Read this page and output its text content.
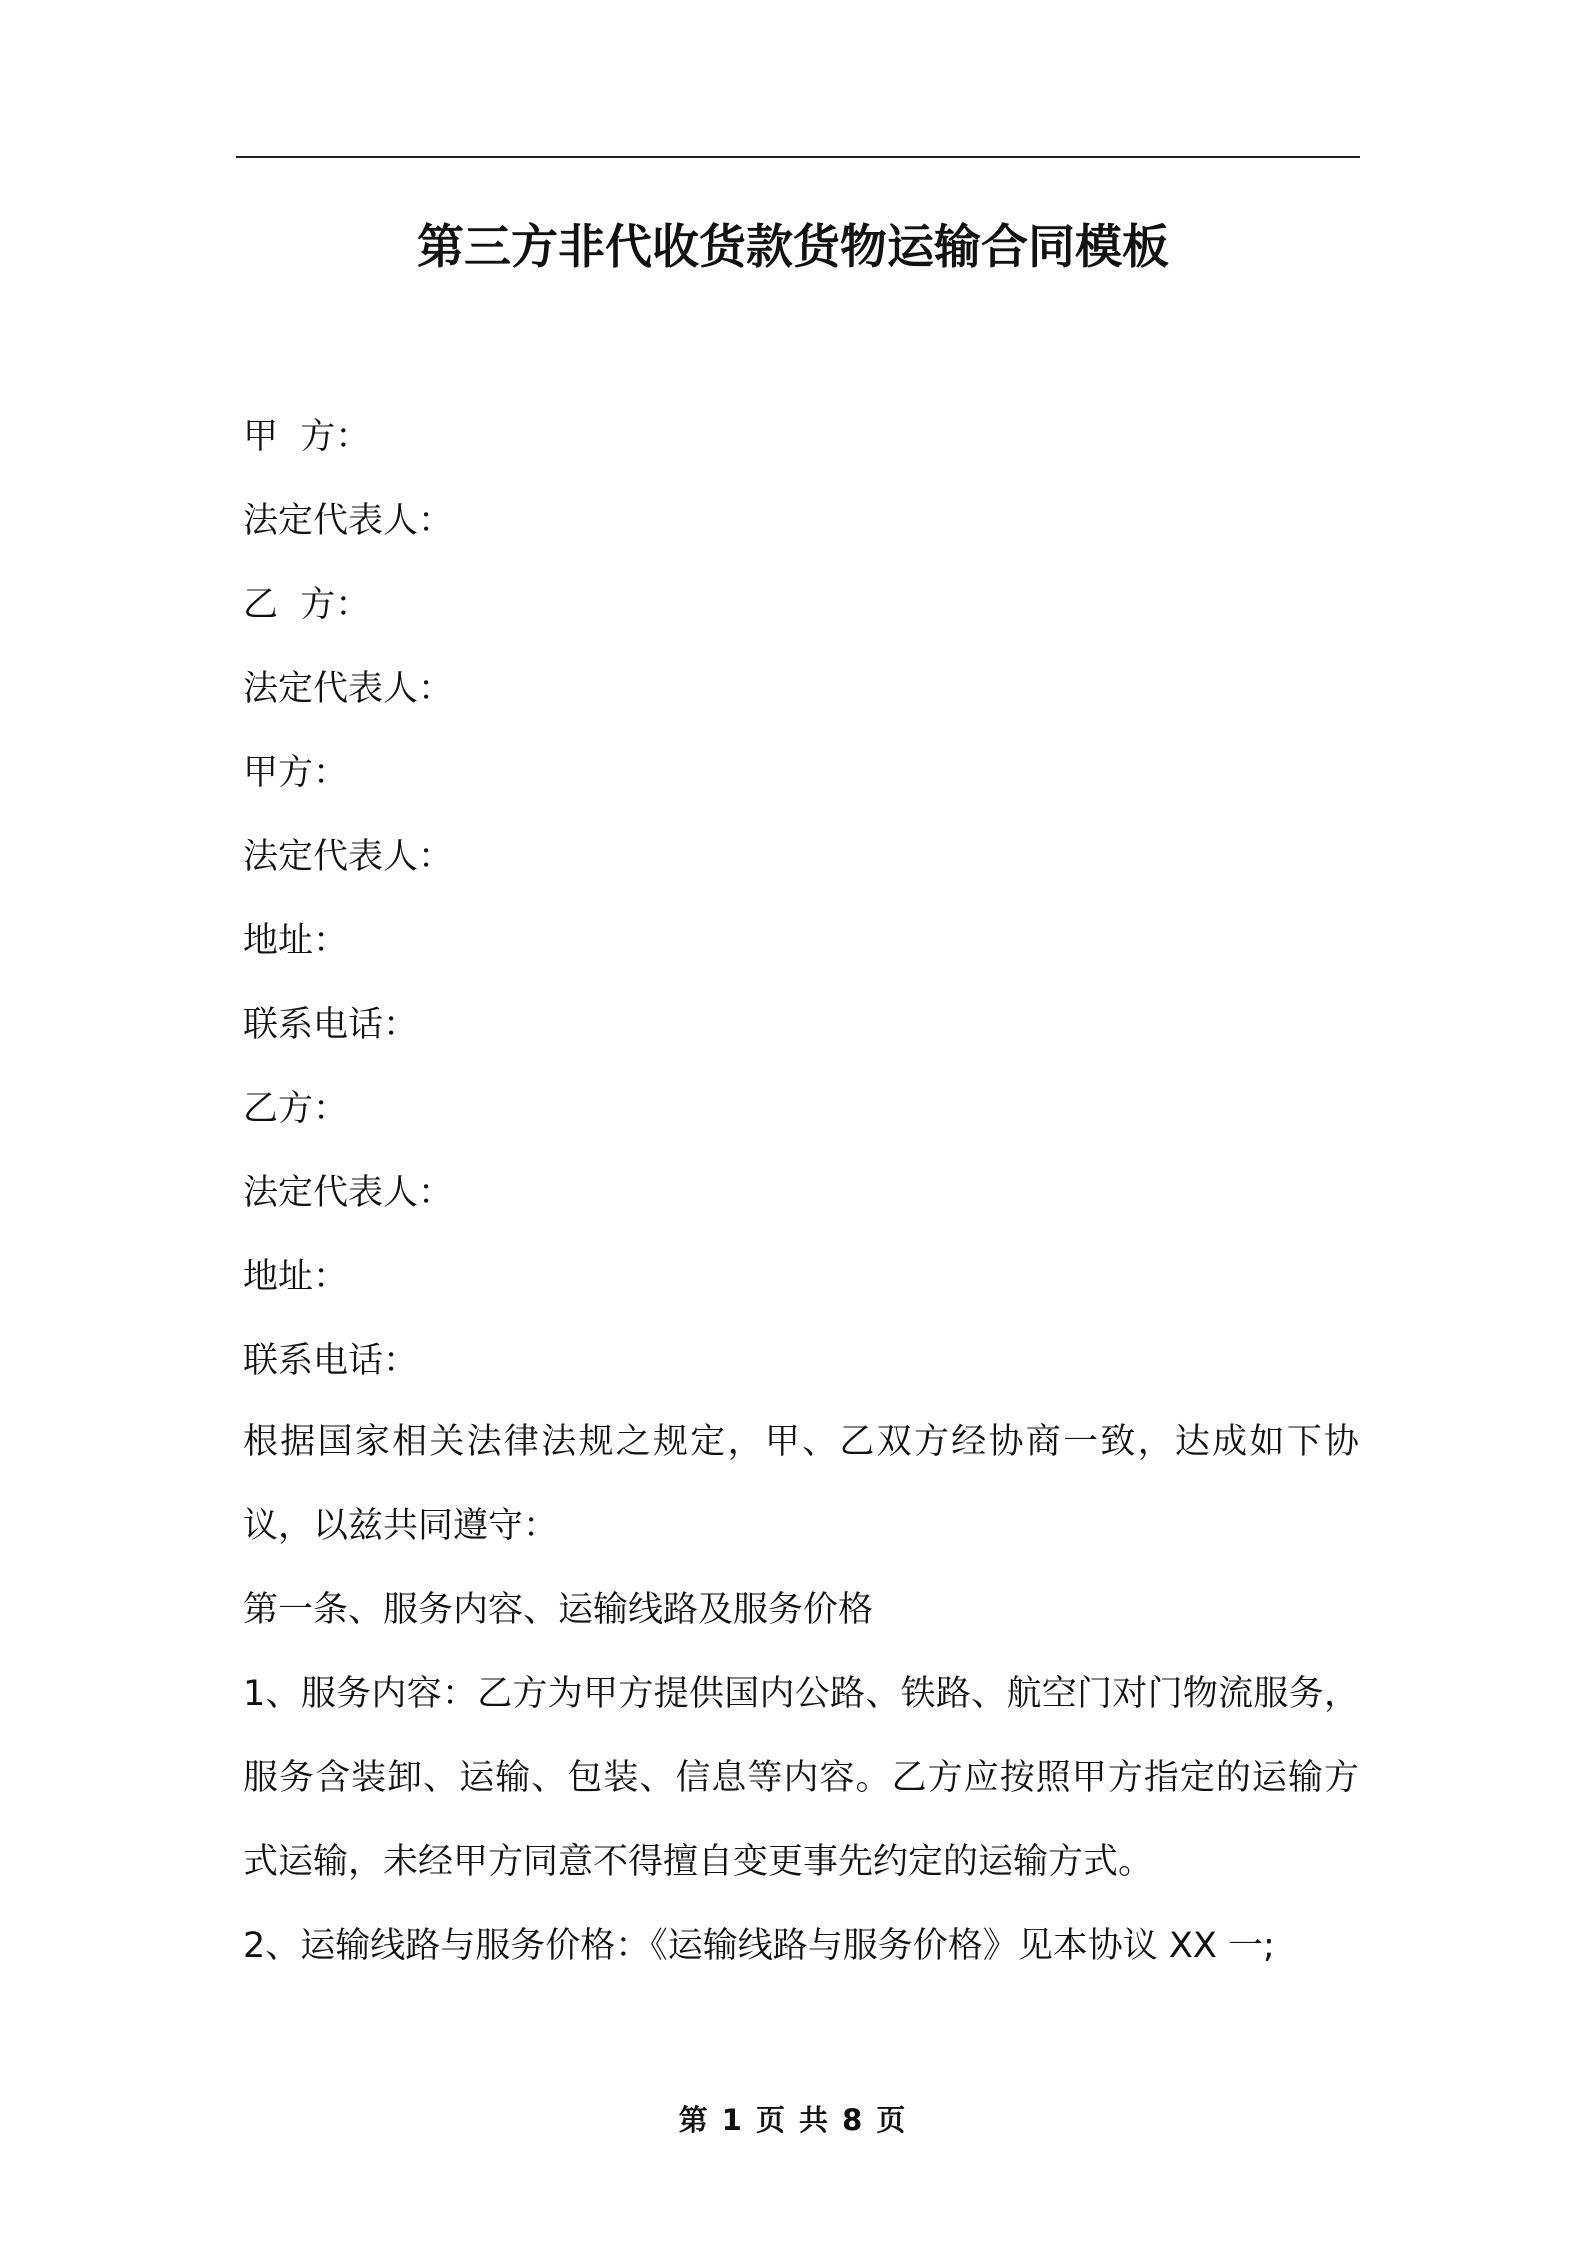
第三方非代收货款货物运输合同模板
甲  方：
法定代表人：
乙  方：
法定代表人：
甲方：
法定代表人：
地址：
联系电话：
乙方：
法定代表人：
地址：
联系电话：

根据国家相关法律法规之规定，甲、乙双方经协商一致，达成如下协议，以兹共同遵守：

第一条、服务内容、运输线路及服务价格

1、服务内容：乙方为甲方提供国内公路、铁路、航空门对门物流服务，服务含装卸、运输、包装、信息等内容。乙方应按照甲方指定的运输方式运输，未经甲方同意不得擅自变更事先约定的运输方式。

2、运输线路与服务价格：《运输线路与服务价格》见本协议 XX 一;

第 1 页 共 8 页
